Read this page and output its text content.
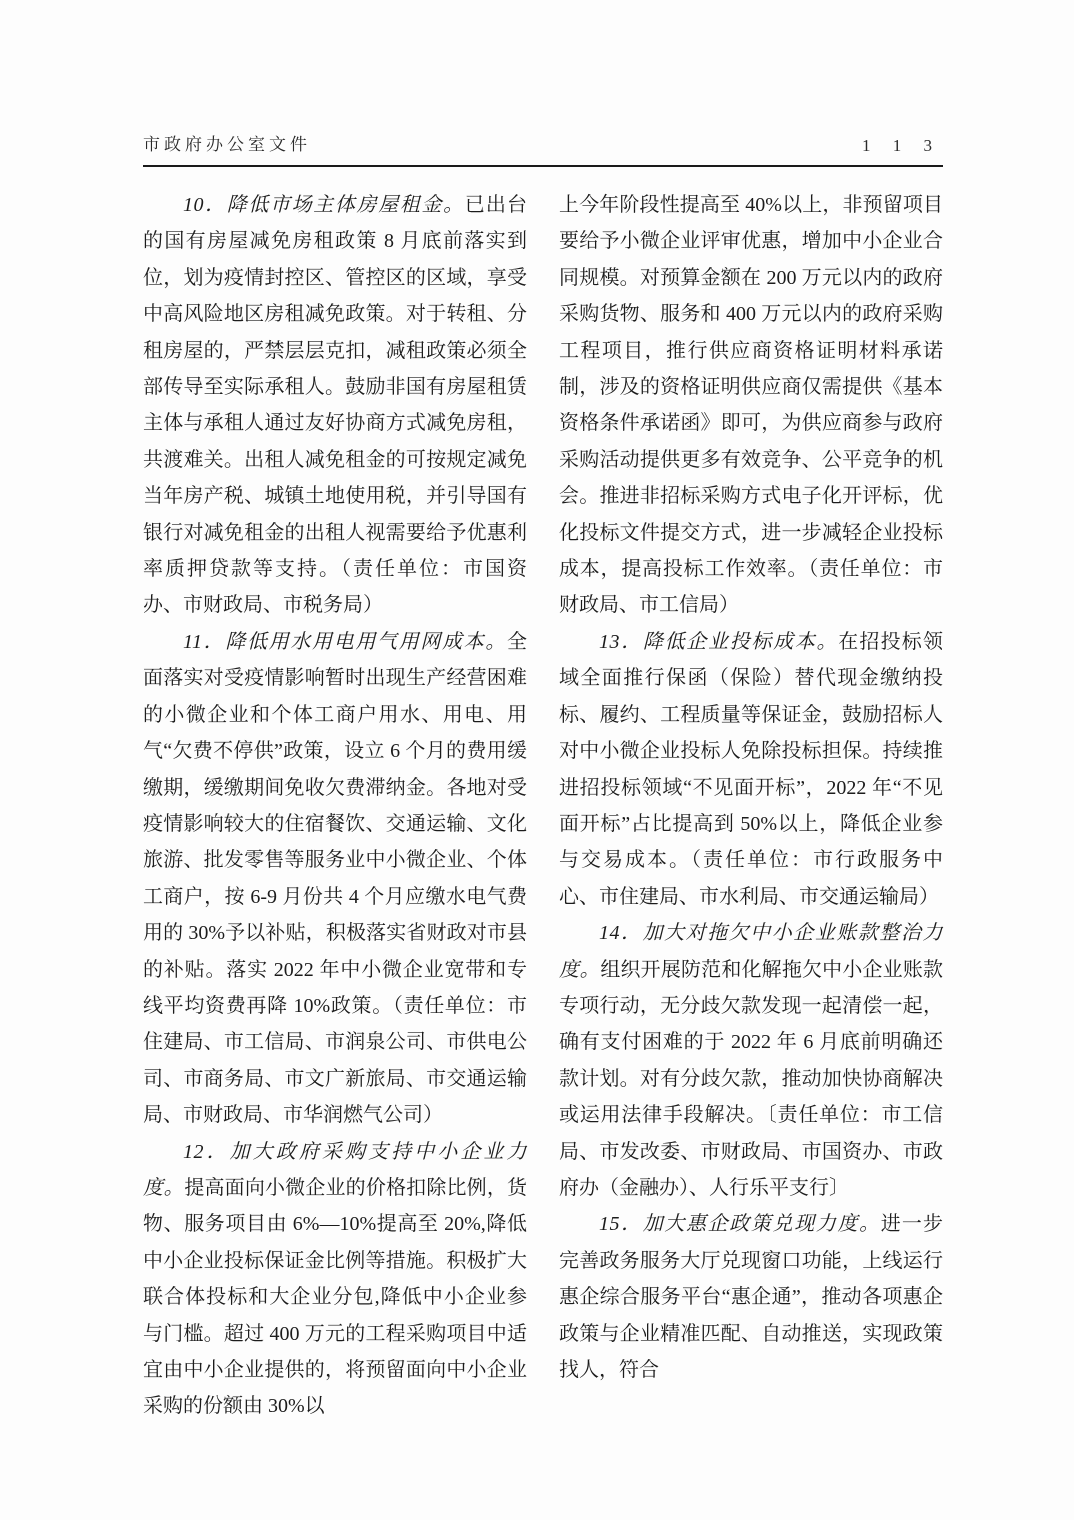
市政府办公室文件	1 1 3
10．降低市场主体房屋租金。已出台的国有房屋减免房租政策 8 月底前落实到位，划为疫情封控区、管控区的区域，享受中高风险地区房租减免政策。对于转租、分租房屋的，严禁层层克扣，减租政策必须全部传导至实际承租人。鼓励非国有房屋租赁主体与承租人通过友好协商方式减免房租，共渡难关。出租人减免租金的可按规定减免当年房产税、城镇土地使用税，并引导国有银行对减免租金的出租人视需要给予优惠利率质押贷款等支持。（责任单位：市国资办、市财政局、市税务局）
11．降低用水用电用气用网成本。全面落实对受疫情影响暂时出现生产经营困难的小微企业和个体工商户用水、用电、用气“欠费不停供”政策，设立 6 个月的费用缓缴期，缓缴期间免收欠费滞纳金。各地对受疫情影响较大的住宿餐饮、交通运输、文化旅游、批发零售等服务业中小微企业、个体工商户，按 6-9 月份共 4 个月应缴水电气费用的 30%予以补贴，积极落实省财政对市县的补贴。落实 2022 年中小微企业宽带和专线平均资费再降 10%政策。（责任单位：市住建局、市工信局、市润泉公司、市供电公司、市商务局、市文广新旅局、市交通运输局、市财政局、市华润燃气公司）
12．加大政府采购支持中小企业力度。提高面向小微企业的价格扣除比例，货物、服务项目由 6%—10%提高至 20%,降低中小企业投标保证金比例等措施。积极扩大联合体投标和大企业分包,降低中小企业参与门槛。超过 400 万元的工程采购项目中适宜由中小企业提供的，将预留面向中小企业采购的份额由 30%以
上今年阶段性提高至 40%以上，非预留项目要给予小微企业评审优惠，增加中小企业合同规模。对预算金额在 200 万元以内的政府采购货物、服务和 400 万元以内的政府采购工程项目，推行供应商资格证明材料承诺制，涉及的资格证明供应商仅需提供《基本资格条件承诺函》即可，为供应商参与政府采购活动提供更多有效竞争、公平竞争的机会。推进非招标采购方式电子化开评标，优化投标文件提交方式，进一步减轻企业投标成本，提高投标工作效率。（责任单位：市财政局、市工信局）
13．降低企业投标成本。在招投标领域全面推行保函（保险）替代现金缴纳投标、履约、工程质量等保证金，鼓励招标人对中小微企业投标人免除投标担保。持续推进招投标领域“不见面开标”，2022 年“不见面开标”占比提高到 50%以上，降低企业参与交易成本。（责任单位：市行政服务中心、市住建局、市水利局、市交通运输局）
14．加大对拖欠中小企业账款整治力度。组织开展防范和化解拖欠中小企业账款专项行动，无分歧欠款发现一起清偿一起，确有支付困难的于 2022 年 6 月底前明确还款计划。对有分歧欠款，推动加快协商解决或运用法律手段解决。〔责任单位：市工信局、市发改委、市财政局、市国资办、市政府办（金融办）、人行乐平支行〕
15．加大惠企政策兑现力度。进一步完善政务服务大厅兑现窗口功能，上线运行惠企综合服务平台“惠企通”，推动各项惠企政策与企业精准匹配、自动推送，实现政策找人，符合
